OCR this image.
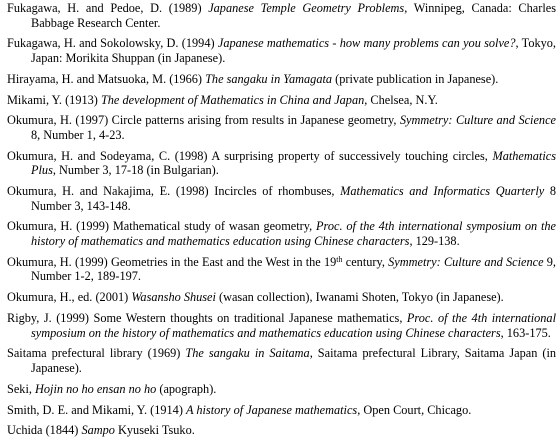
Fukagawa, H. and Pedoe, D. (1989) Japanese Temple Geometry Problems, Winnipeg, Canada: Charles Babbage Research Center.

Fukagawa, H. and Sokolowsky, D. (1994) Japanese mathematics - how many problems can you solve?, Tokyo, Japan: Morikita Shuppan (in Japanese).

Hirayama, H. and Matsuoka, M. (1966) The sangaku in Yamagata (private publication in Japanese).

Mikami, Y. (1913) The development of Mathematics in China and Japan, Chelsea, N.Y.

Okumura, H. (1997) Circle patterns arising from results in Japanese geometry, Symmetry: Culture and Science 8, Number 1, 4-23.

Okumura, H. and Sodeyama, C. (1998) A surprising property of successively touching circles, Mathematics Plus, Number 3, 17-18 (in Bulgarian).

Okumura, H. and Nakajima, E. (1998) Incircles of rhombuses, Mathematics and Informatics Quarterly 8 Number 3, 143-148.

Okumura, H. (1999) Mathematical study of wasan geometry, Proc. of the 4th international symposium on the history of mathematics and mathematics education using Chinese characters, 129-138.

Okumura, H. (1999) Geometries in the East and the West in the 19th century, Symmetry: Culture and Science 9, Number 1-2, 189-197.

Okumura, H., ed. (2001) Wasansho Shusei (wasan collection), Iwanami Shoten, Tokyo (in Japanese).

Rigby, J. (1999) Some Western thoughts on traditional Japanese mathematics, Proc. of the 4th international symposium on the history of mathematics and mathematics education using Chinese characters, 163-175.

Saitama prefectural library (1969) The sangaku in Saitama, Saitama prefectural Library, Saitama Japan (in Japanese).

Seki, Hojin no ho ensan no ho (apograph).

Smith, D. E. and Mikami, Y. (1914) A history of Japanese mathematics, Open Court, Chicago.

Uchida (1844) Sampo Kyuseki Tsuko.
